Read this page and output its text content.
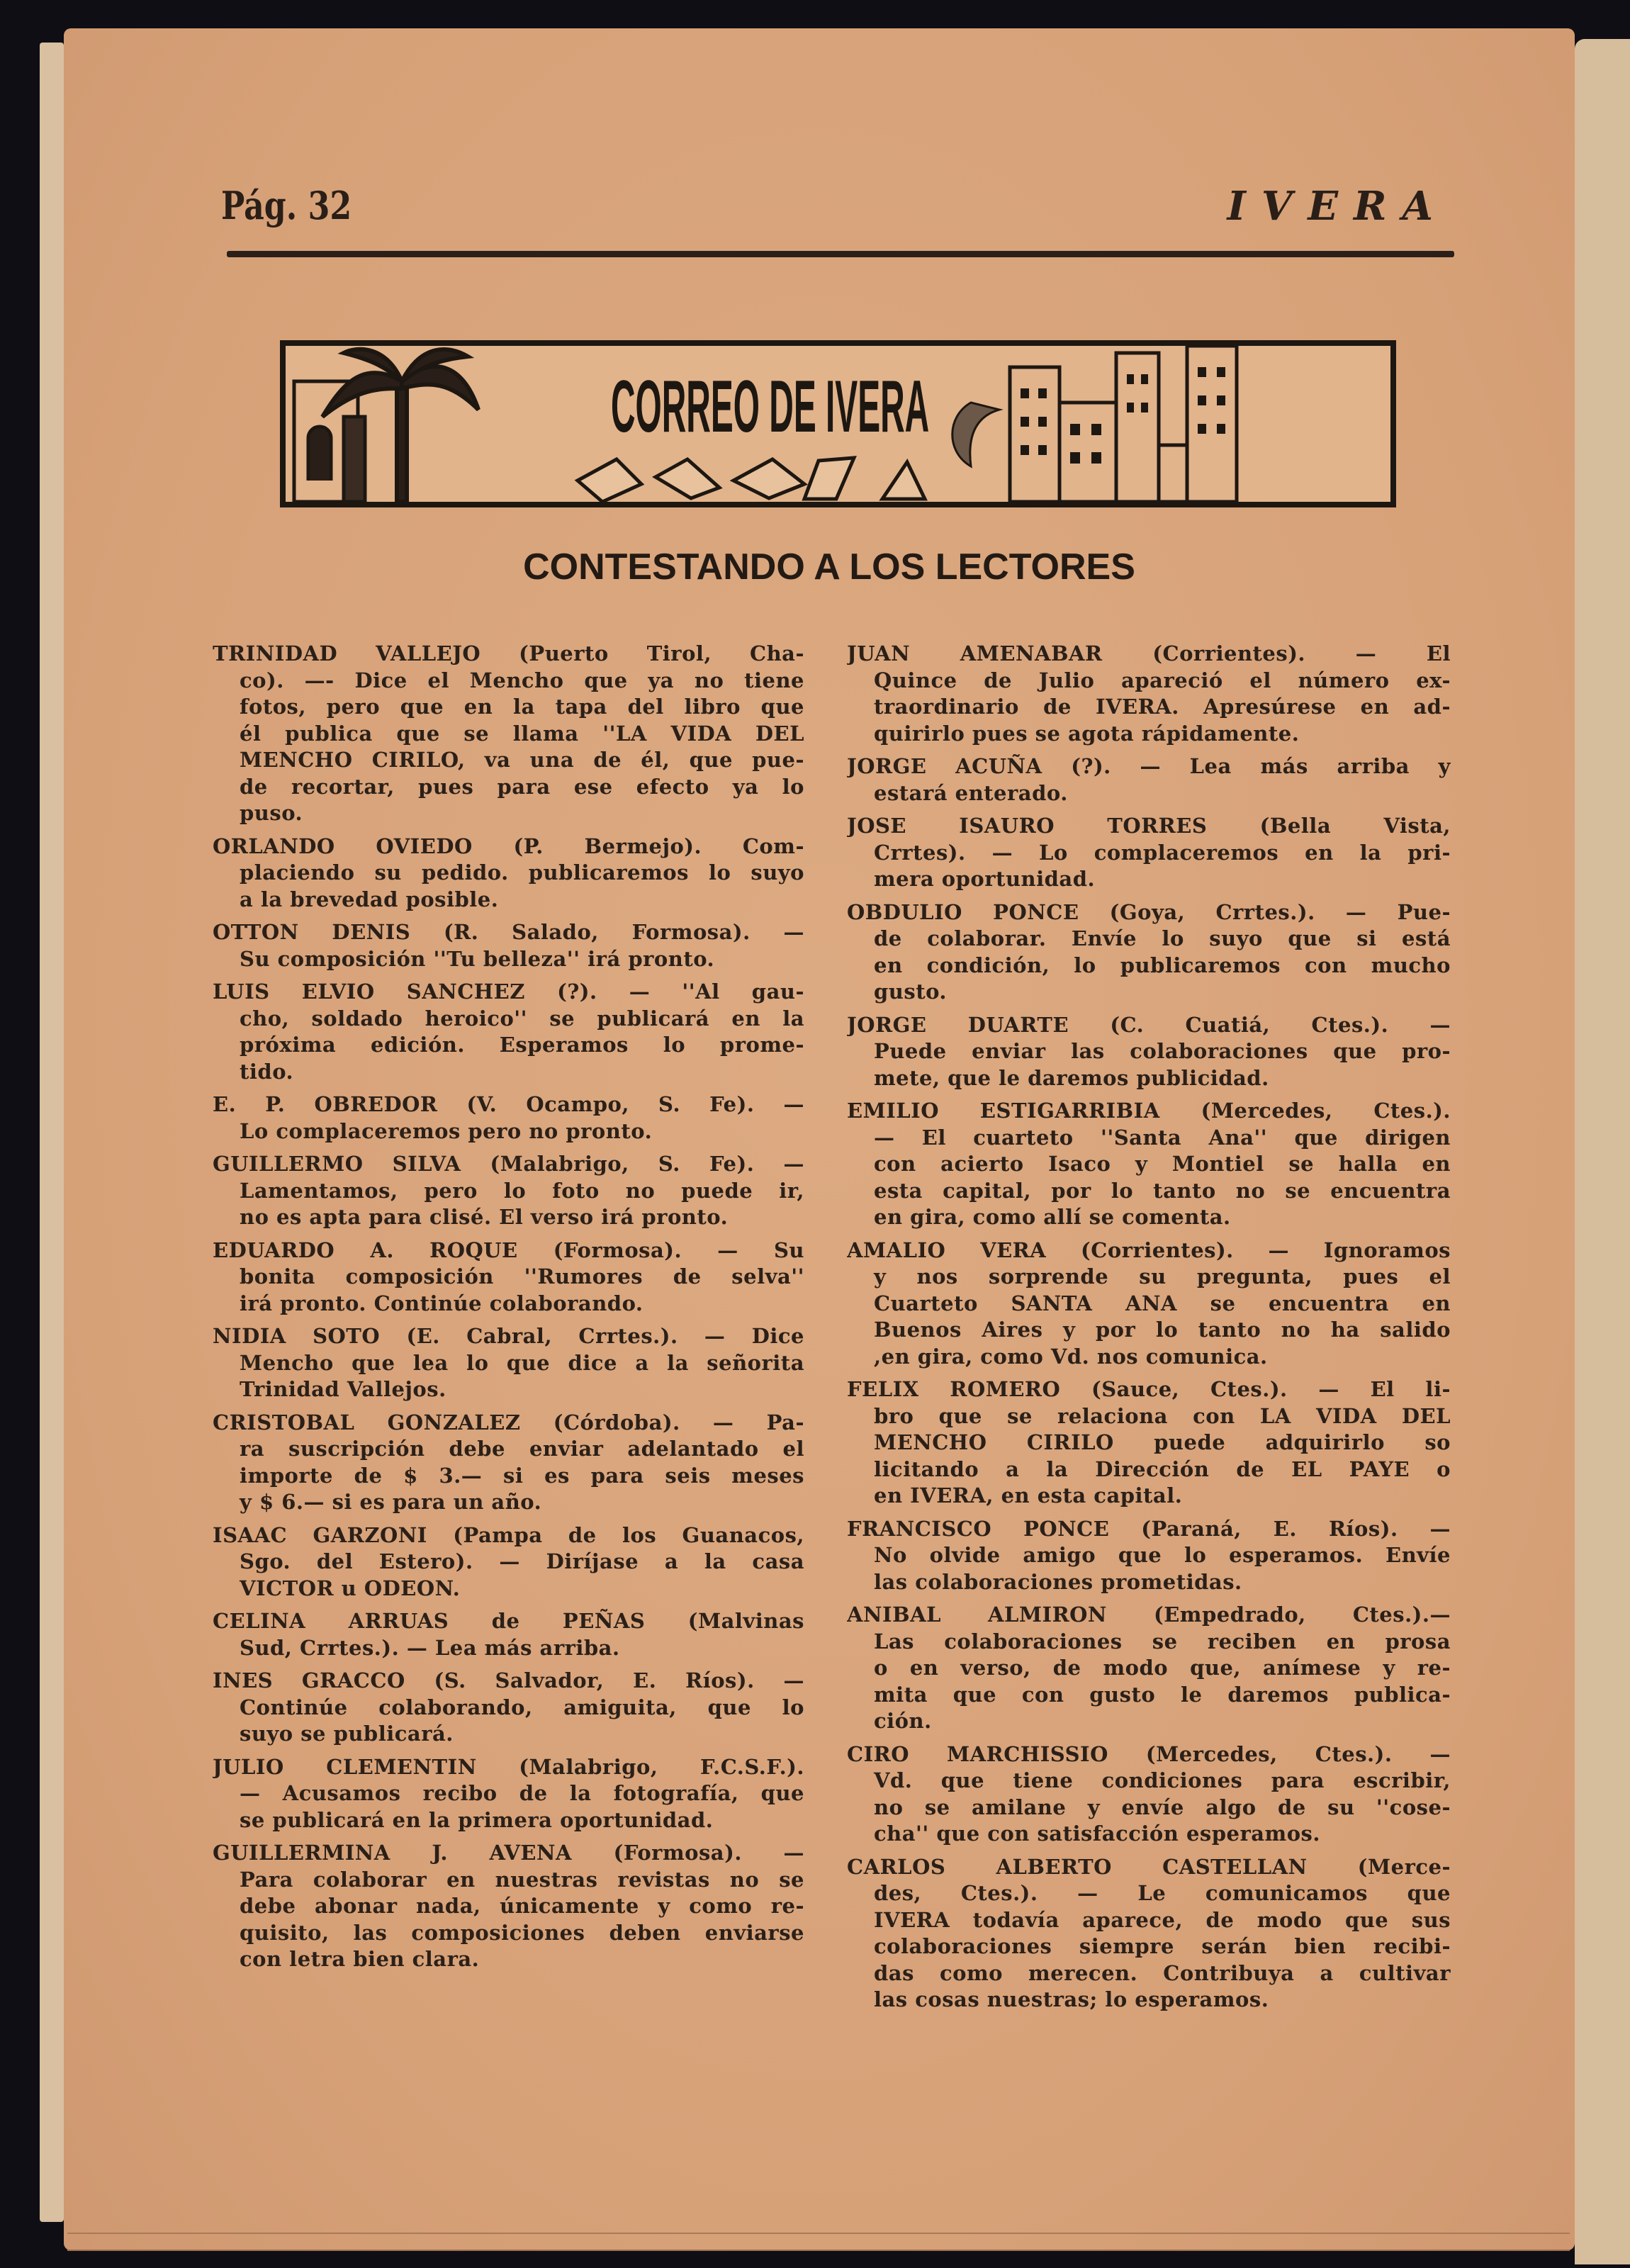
Pág. 32	IVERA
CORREO DE IVERA
CONTESTANDO A LOS LECTORES
TRINIDAD VALLEJO (Puerto Tirol, Cha-
co). —- Dice el Mencho que ya no tiene
fotos, pero que en la tapa del libro que
él publica que se llama ''LA VIDA DEL
MENCHO CIRILO, va una de él, que pue-
de recortar, pues para ese efecto ya lo
puso.
ORLANDO OVIEDO (P. Bermejo). Com-
placiendo su pedido. publicaremos lo suyo
a la brevedad posible.
OTTON DENIS (R. Salado, Formosa). —
Su composición ''Tu belleza'' irá pronto.
LUIS ELVIO SANCHEZ (?). — ''Al gau-
cho, soldado heroico'' se publicará en la
próxima edición. Esperamos lo prome-
tido.
E. P. OBREDOR (V. Ocampo, S. Fe). —
Lo complaceremos pero no pronto.
GUILLERMO SILVA (Malabrigo, S. Fe). —
Lamentamos, pero lo foto no puede ir,
no es apta para clisé. El verso irá pronto.
EDUARDO A. ROQUE (Formosa). — Su
bonita composición ''Rumores de selva''
irá pronto. Continúe colaborando.
NIDIA SOTO (E. Cabral, Crrtes.). — Dice
Mencho que lea lo que dice a la señorita
Trinidad Vallejos.
CRISTOBAL GONZALEZ (Córdoba). — Pa-
ra suscripción debe enviar adelantado el
importe de $ 3.— si es para seis meses
y $ 6.— si es para un año.
ISAAC GARZONI (Pampa de los Guanacos,
Sgo. del Estero). — Diríjase a la casa
VICTOR u ODEON.
CELINA ARRUAS de PEÑAS (Malvinas
Sud, Crrtes.). — Lea más arriba.
INES GRACCO (S. Salvador, E. Ríos). —
Continúe colaborando, amiguita, que lo
suyo se publicará.
JULIO CLEMENTIN (Malabrigo, F.C.S.F.).
— Acusamos recibo de la fotografía, que
se publicará en la primera oportunidad.
GUILLERMINA J. AVENA (Formosa). —
Para colaborar en nuestras revistas no se
debe abonar nada, únicamente y como re-
quisito, las composiciones deben enviarse
con letra bien clara.
JUAN AMENABAR (Corrientes). — El
Quince de Julio apareció el número ex-
traordinario de IVERA. Apresúrese en ad-
quirirlo pues se agota rápidamente.
JORGE ACUÑA (?). — Lea más arriba y
estará enterado.
JOSE ISAURO TORRES (Bella Vista,
Crrtes). — Lo complaceremos en la pri-
mera oportunidad.
OBDULIO PONCE (Goya, Crrtes.). — Pue-
de colaborar. Envíe lo suyo que si está
en condición, lo publicaremos con mucho
gusto.
JORGE DUARTE (C. Cuatiá, Ctes.). —
Puede enviar las colaboraciones que pro-
mete, que le daremos publicidad.
EMILIO ESTIGARRIBIA (Mercedes, Ctes.).
— El cuarteto ''Santa Ana'' que dirigen
con acierto Isaco y Montiel se halla en
esta capital, por lo tanto no se encuentra
en gira, como allí se comenta.
AMALIO VERA (Corrientes). — Ignoramos
y nos sorprende su pregunta, pues el
Cuarteto SANTA ANA se encuentra en
Buenos Aires y por lo tanto no ha salido
,en gira, como Vd. nos comunica.
FELIX ROMERO (Sauce, Ctes.). — El li-
bro que se relaciona con LA VIDA DEL
MENCHO CIRILO puede adquirirlo so
licitando a la Dirección de EL PAYE o
en IVERA, en esta capital.
FRANCISCO PONCE (Paraná, E. Ríos). —
No olvide amigo que lo esperamos. Envíe
las colaboraciones prometidas.
ANIBAL ALMIRON (Empedrado, Ctes.).—
Las colaboraciones se reciben en prosa
o en verso, de modo que, anímese y re-
mita que con gusto le daremos publica-
ción.
CIRO MARCHISSIO (Mercedes, Ctes.). —
Vd. que tiene condiciones para escribir,
no se amilane y envíe algo de su ''cose-
cha'' que con satisfacción esperamos.
CARLOS ALBERTO CASTELLAN (Merce-
des, Ctes.). — Le comunicamos que
IVERA todavía aparece, de modo que sus
colaboraciones siempre serán bien recibi-
das como merecen. Contribuya a cultivar
las cosas nuestras; lo esperamos.
